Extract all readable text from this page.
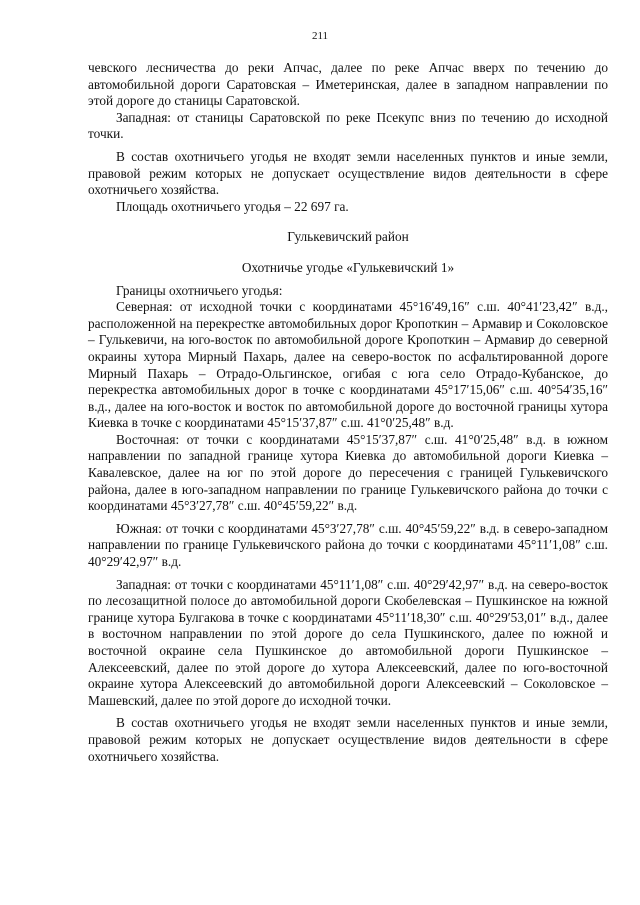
211

чевского лесничества до реки Апчас, далее по реке Апчас вверх по течению до автомобильной дороги Саратовская – Иметеринская, далее в западном направлении по этой дороге до станицы Саратовской.

Западная: от станицы Саратовской по реке Псекупс вниз по течению до исходной точки.

В состав охотничьего угодья не входят земли населенных пунктов и иные земли, правовой режим которых не допускает осуществление видов деятельности в сфере охотничьего хозяйства.

Площадь охотничьего угодья – 22 697 га.

Гулькевичский район

Охотничье угодье «Гулькевичский 1»

Границы охотничьего угодья:

Северная: от исходной точки с координатами 45°16′49,16″ с.ш. 40°41′23,42″ в.д., расположенной на перекрестке автомобильных дорог Кропоткин – Армавир и Соколовское – Гулькевичи, на юго-восток по автомобильной дороге Кропоткин – Армавир до северной окраины хутора Мирный Пахарь, далее на северо-восток по асфальтированной дороге Мирный Пахарь – Отрадо-Ольгинское, огибая с юга село Отрадо-Кубанское, до перекрестка автомобильных дорог в точке с координатами 45°17′15,06″ с.ш. 40°54′35,16″ в.д., далее на юго-восток и восток по автомобильной дороге до восточной границы хутора Киевка в точке с координатами 45°15′37,87″ с.ш. 41°0′25,48″ в.д.

Восточная: от точки с координатами 45°15′37,87″ с.ш. 41°0′25,48″ в.д. в южном направлении по западной границе хутора Киевка до автомобильной дороги Киевка – Кавалевское, далее на юг по этой дороге до пересечения с границей Гулькевичского района, далее в юго-западном направлении по границе Гулькевичского района до точки с координатами 45°3′27,78″ с.ш. 40°45′59,22″ в.д.

Южная: от точки с координатами 45°3′27,78″ с.ш. 40°45′59,22″ в.д. в северо-западном направлении по границе Гулькевичского района до точки с координатами 45°11′1,08″ с.ш. 40°29′42,97″ в.д.

Западная: от точки с координатами 45°11′1,08″ с.ш. 40°29′42,97″ в.д. на северо-восток по лесозащитной полосе до автомобильной дороги Скобелевская – Пушкинское на южной границе хутора Булгакова в точке с координатами 45°11′18,30″ с.ш. 40°29′53,01″ в.д., далее в восточном направлении по этой дороге до села Пушкинского, далее по южной и восточной окраине села Пушкинское до автомобильной дороги Пушкинское – Алексеевский, далее по этой дороге до хутора Алексеевский, далее по юго-восточной окраине хутора Алексеевский до автомобильной дороги Алексеевский – Соколовское – Машевский, далее по этой дороге до исходной точки.

В состав охотничьего угодья не входят земли населенных пунктов и иные земли, правовой режим которых не допускает осуществление видов деятельности в сфере охотничьего хозяйства.
